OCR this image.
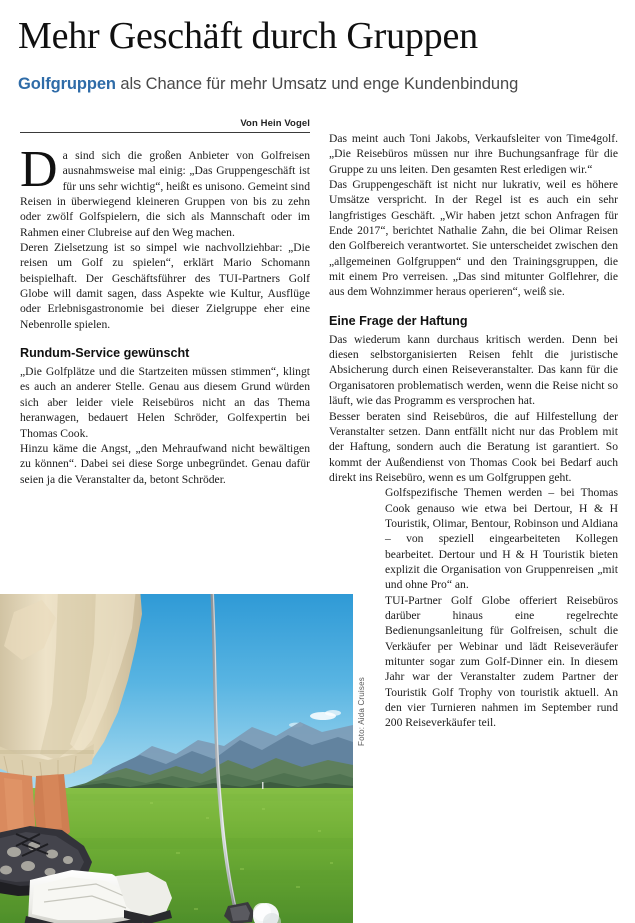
Mehr Geschäft durch Gruppen

Golfgruppen als Chance für mehr Umsatz und enge Kundenbindung

Von Hein Vogel

Da sind sich die großen Anbieter von Golfreisen ausnahmsweise mal einig: „Das Gruppengeschäft ist für uns sehr wichtig“, heißt es unisono. Gemeint sind Reisen in überwiegend kleineren Gruppen von bis zu zehn oder zwölf Golfspielern, die sich als Mannschaft oder im Rahmen einer Clubreise auf den Weg machen.

Deren Zielsetzung ist so simpel wie nachvollziehbar: „Die reisen um Golf zu spielen“, erklärt Mario Schomann beispielhaft. Der Geschäftsführer des TUI-Partners Golf Globe will damit sagen, dass Aspekte wie Kultur, Ausflüge oder Erlebnisgastronomie bei dieser Zielgruppe eher eine Nebenrolle spielen.

Rundum-Service gewünscht

„Die Golfplätze und die Startzeiten müssen stimmen“, klingt es auch an anderer Stelle. Genau aus diesem Grund würden sich aber leider viele Reisebüros nicht an das Thema heranwagen, bedauert Helen Schröder, Golfexpertin bei Thomas Cook.

Hinzu käme die Angst, „den Mehraufwand nicht bewältigen zu können“. Dabei sei diese Sorge unbegründet. Genau dafür seien ja die Veranstalter da, betont Schröder.

Das meint auch Toni Jakobs, Verkaufsleiter von Time4golf. „Die Reisebüros müssen nur ihre Buchungsanfrage für die Gruppe zu uns leiten. Den gesamten Rest erledigen wir.“

Das Gruppengeschäft ist nicht nur lukrativ, weil es höhere Umsätze verspricht. In der Regel ist es auch ein sehr langfristiges Geschäft. „Wir haben jetzt schon Anfragen für Ende 2017“, berichtet Nathalie Zahn, die bei Olimar Reisen den Golfbereich verantwortet. Sie unterscheidet zwischen den „allgemeinen Golfgruppen“ und den Trainingsgruppen, die mit einem Pro verreisen. „Das sind mitunter Golflehrer, die aus dem Wohnzimmer heraus operieren“, weiß sie.

Eine Frage der Haftung

Das wiederum kann durchaus kritisch werden. Denn bei diesen selbstorganisierten Reisen fehlt die juristische Absicherung durch einen Reiseveranstalter. Das kann für die Organisatoren problematisch werden, wenn die Reise nicht so läuft, wie das Programm es versprochen hat.

Besser beraten sind Reisebüros, die auf Hilfestellung der Veranstalter setzen. Dann entfällt nicht nur das Problem mit der Haftung, sondern auch die Beratung ist garantiert. So kommt der Außendienst von Thomas Cook bei Bedarf auch direkt ins Reisebüro, wenn es um Golfgruppen geht.

Golfspezifische Themen werden – bei Thomas Cook genauso wie etwa bei Dertour, H & H Touristik, Olimar, Bentour, Robinson und Aldiana – von speziell eingearbeiteten Kollegen bearbeitet. Dertour und H & H Touristik bieten explizit die Organisation von Gruppenreisen „mit und ohne Pro“ an.

TUI-Partner Golf Globe offeriert Reisebüros darüber hinaus eine regelrechte Bedienungsanleitung für Golfreisen, schult die Verkäufer per Webinar und lädt Reiseveräufer mitunter sogar zum Golf-Dinner ein. In diesem Jahr war der Veranstalter zudem Partner der Touristik Golf Trophy von touristik aktuell. An den vier Turnieren nahmen im September rund 200 Reiseverkäufer teil.

Foto: Aida Cruises
